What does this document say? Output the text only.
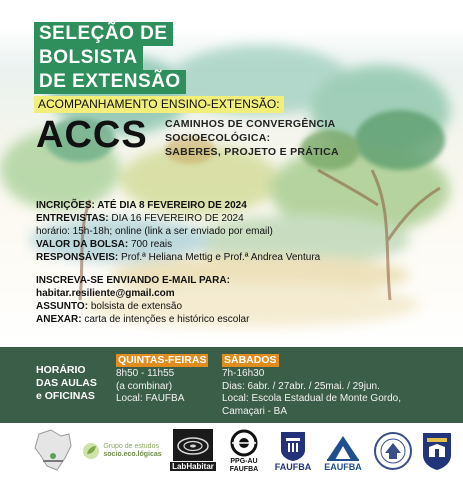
SELEÇÃO DE
BOLSISTA
DE EXTENSÃO
ACOMPANHAMENTO ENSINO-EXTENSÃO:
ACCS CAMINHOS DE CONVERGÊNCIA
SOCIOECOLÓGICA:
SABERES, PROJETO E PRÁTICA
INCRIÇÕES: ATÉ DIA 8 FEVEREIRO DE 2024
ENTREVISTAS: DIA 16 FEVEREIRO DE 2024
horário: 15h-18h; online (link a ser enviado por email)
VALOR DA BOLSA: 700 reais
RESPONSÁVEIS: Prof.ª Heliana Mettig e Prof.ª Andrea Ventura
INSCREVA-SE ENVIANDO E-MAIL PARA:
habitar.resiliente@gmail.com
ASSUNTO: bolsista de extensão
ANEXAR: carta de intenções e histórico escolar
HORÁRIO
DAS AULAS
e OFICINAS
QUINTAS-FEIRAS
8h50 - 11h55
(a combinar)
Local: FAUFBA
SÁBADOS
7h-16h30
Dias: 6abr. / 27abr. / 25mai. / 29jun.
Local: Escola Estadual de Monte Gordo,
Camaçari - BA
Grupo de estudos
socio.eco.lógicas
LabHabitar PPG-AU
FAUFBA FAUFBA EAUFBA
